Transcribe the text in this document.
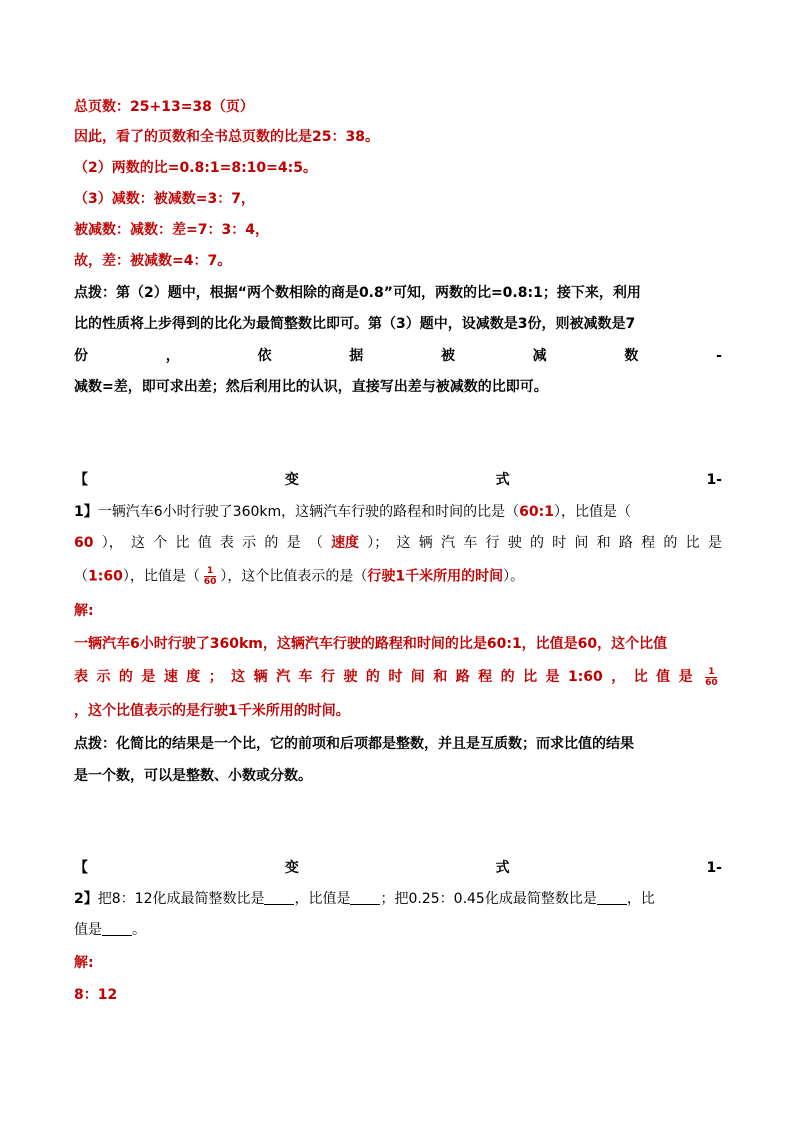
总页数：25+13=38（页）
因此，看了的页数和全书总页数的比是25：38。
（2）两数的比=0.8:1=8:10=4:5。
（3）减数：被减数=3：7，
被减数：减数：差=7：3：4，
故，差：被减数=4：7。
点拨：第（2）题中，根据“两个数相除的商是0.8”可知，两数的比=0.8:1；接下来，利用
比的性质将上步得到的比化为最简整数比即可。第（3）题中，设减数是3份，则被减数是7
份	，	依	据	被	减	数	-
减数=差，即可求出差；然后利用比的认识，直接写出差与被减数的比即可。
【	变	式	1-
1】一辆汽车6小时行驶了360km，这辆汽车行驶的路程和时间的比是（60:1），比值是（
60 ）， 这 个 比 值 表 示 的 是 （ 速度 ）； 这 辆 汽 车 行 驶 的 时 间 和 路 程 的 比 是
（1:60），比值是（ $\frac{1}{60}$ ），这个比值表示的是（行驶1千米所用的时间）。
解:
一辆汽车6小时行驶了360km，这辆汽车行驶的路程和时间的比是60:1，比值是60，这个比值
表 示 的 是 速 度 ； 这 辆 汽 车 行 驶 的 时 间 和 路 程 的 比 是 1:60 ， 比 值 是 $\frac{1}{60}$
，这个比值表示的是行驶1千米所用的时间。
点拨：化简比的结果是一个比，它的前项和后项都是整数，并且是互质数；而求比值的结果
是一个数，可以是整数、小数或分数。
【	变	式	1-
2】把8：12化成最简整数比是 ，比值是 ；把0.25：0.45化成最简整数比是 ，比
值是 。
解:
8：12
